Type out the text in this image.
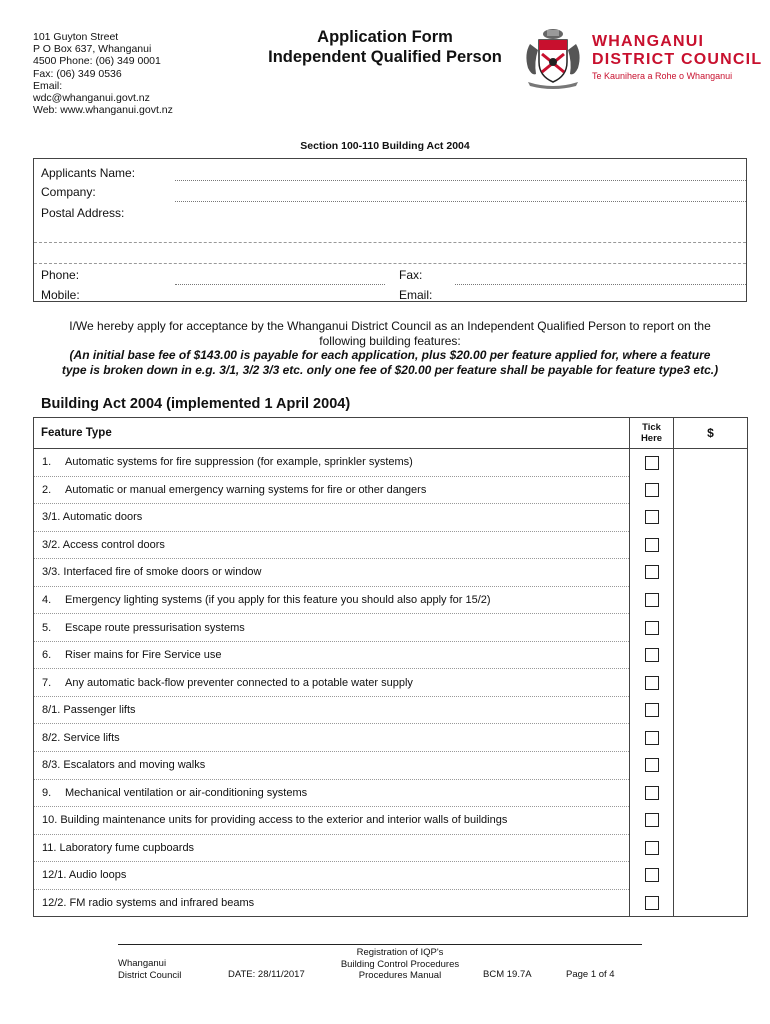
101 Guyton Street
P O Box 637, Whanganui
4500 Phone: (06) 349 0001
Fax: (06) 349 0536
Email:
wdc@whanganui.govt.nz
Web: www.whanganui.govt.nz
Application Form
Independent Qualified Person
WHANGANUI
DISTRICT COUNCIL
Te Kaunihera a Rohe o Whanganui
Section 100-110 Building Act 2004
Applicants Name:
Company:
Postal Address:
Phone:	Fax:
Mobile:	Email:
I/We hereby apply for acceptance by the Whanganui District Council as an Independent Qualified Person to report on the
following building features:
(An initial base fee of $143.00 is payable for each application, plus $20.00 per feature applied for, where a feature
type is broken down in e.g. 3/1, 3/2 3/3 etc. only one fee of $20.00 per feature shall be payable for feature type3 etc.)
Building Act 2004 (implemented 1 April 2004)
Feature Type	Tick
Here	$
1. Automatic systems for fire suppression (for example, sprinkler systems)	

2. Automatic or manual emergency warning systems for fire or other dangers	

3/1. Automatic doors	

3/2. Access control doors	

3/3. Interfaced fire of smoke doors or window	

4. Emergency lighting systems (if you apply for this feature you should also apply for 15/2)	

5. Escape route pressurisation systems	

6. Riser mains for Fire Service use	

7. Any automatic back-flow preventer connected to a potable water supply	

8/1. Passenger lifts	

8/2. Service lifts	

8/3. Escalators and moving walks	

9. Mechanical ventilation or air-conditioning systems	

10. Building maintenance units for providing access to the exterior and interior walls of buildings	

11. Laboratory fume cupboards	

12/1. Audio loops	

12/2. FM radio systems and infrared beams	

Whanganui
District Council	DATE: 28/11/2017
Registration of IQP's
Building Control Procedures
Procedures Manual	BCM 19.7A	Page 1 of 4
